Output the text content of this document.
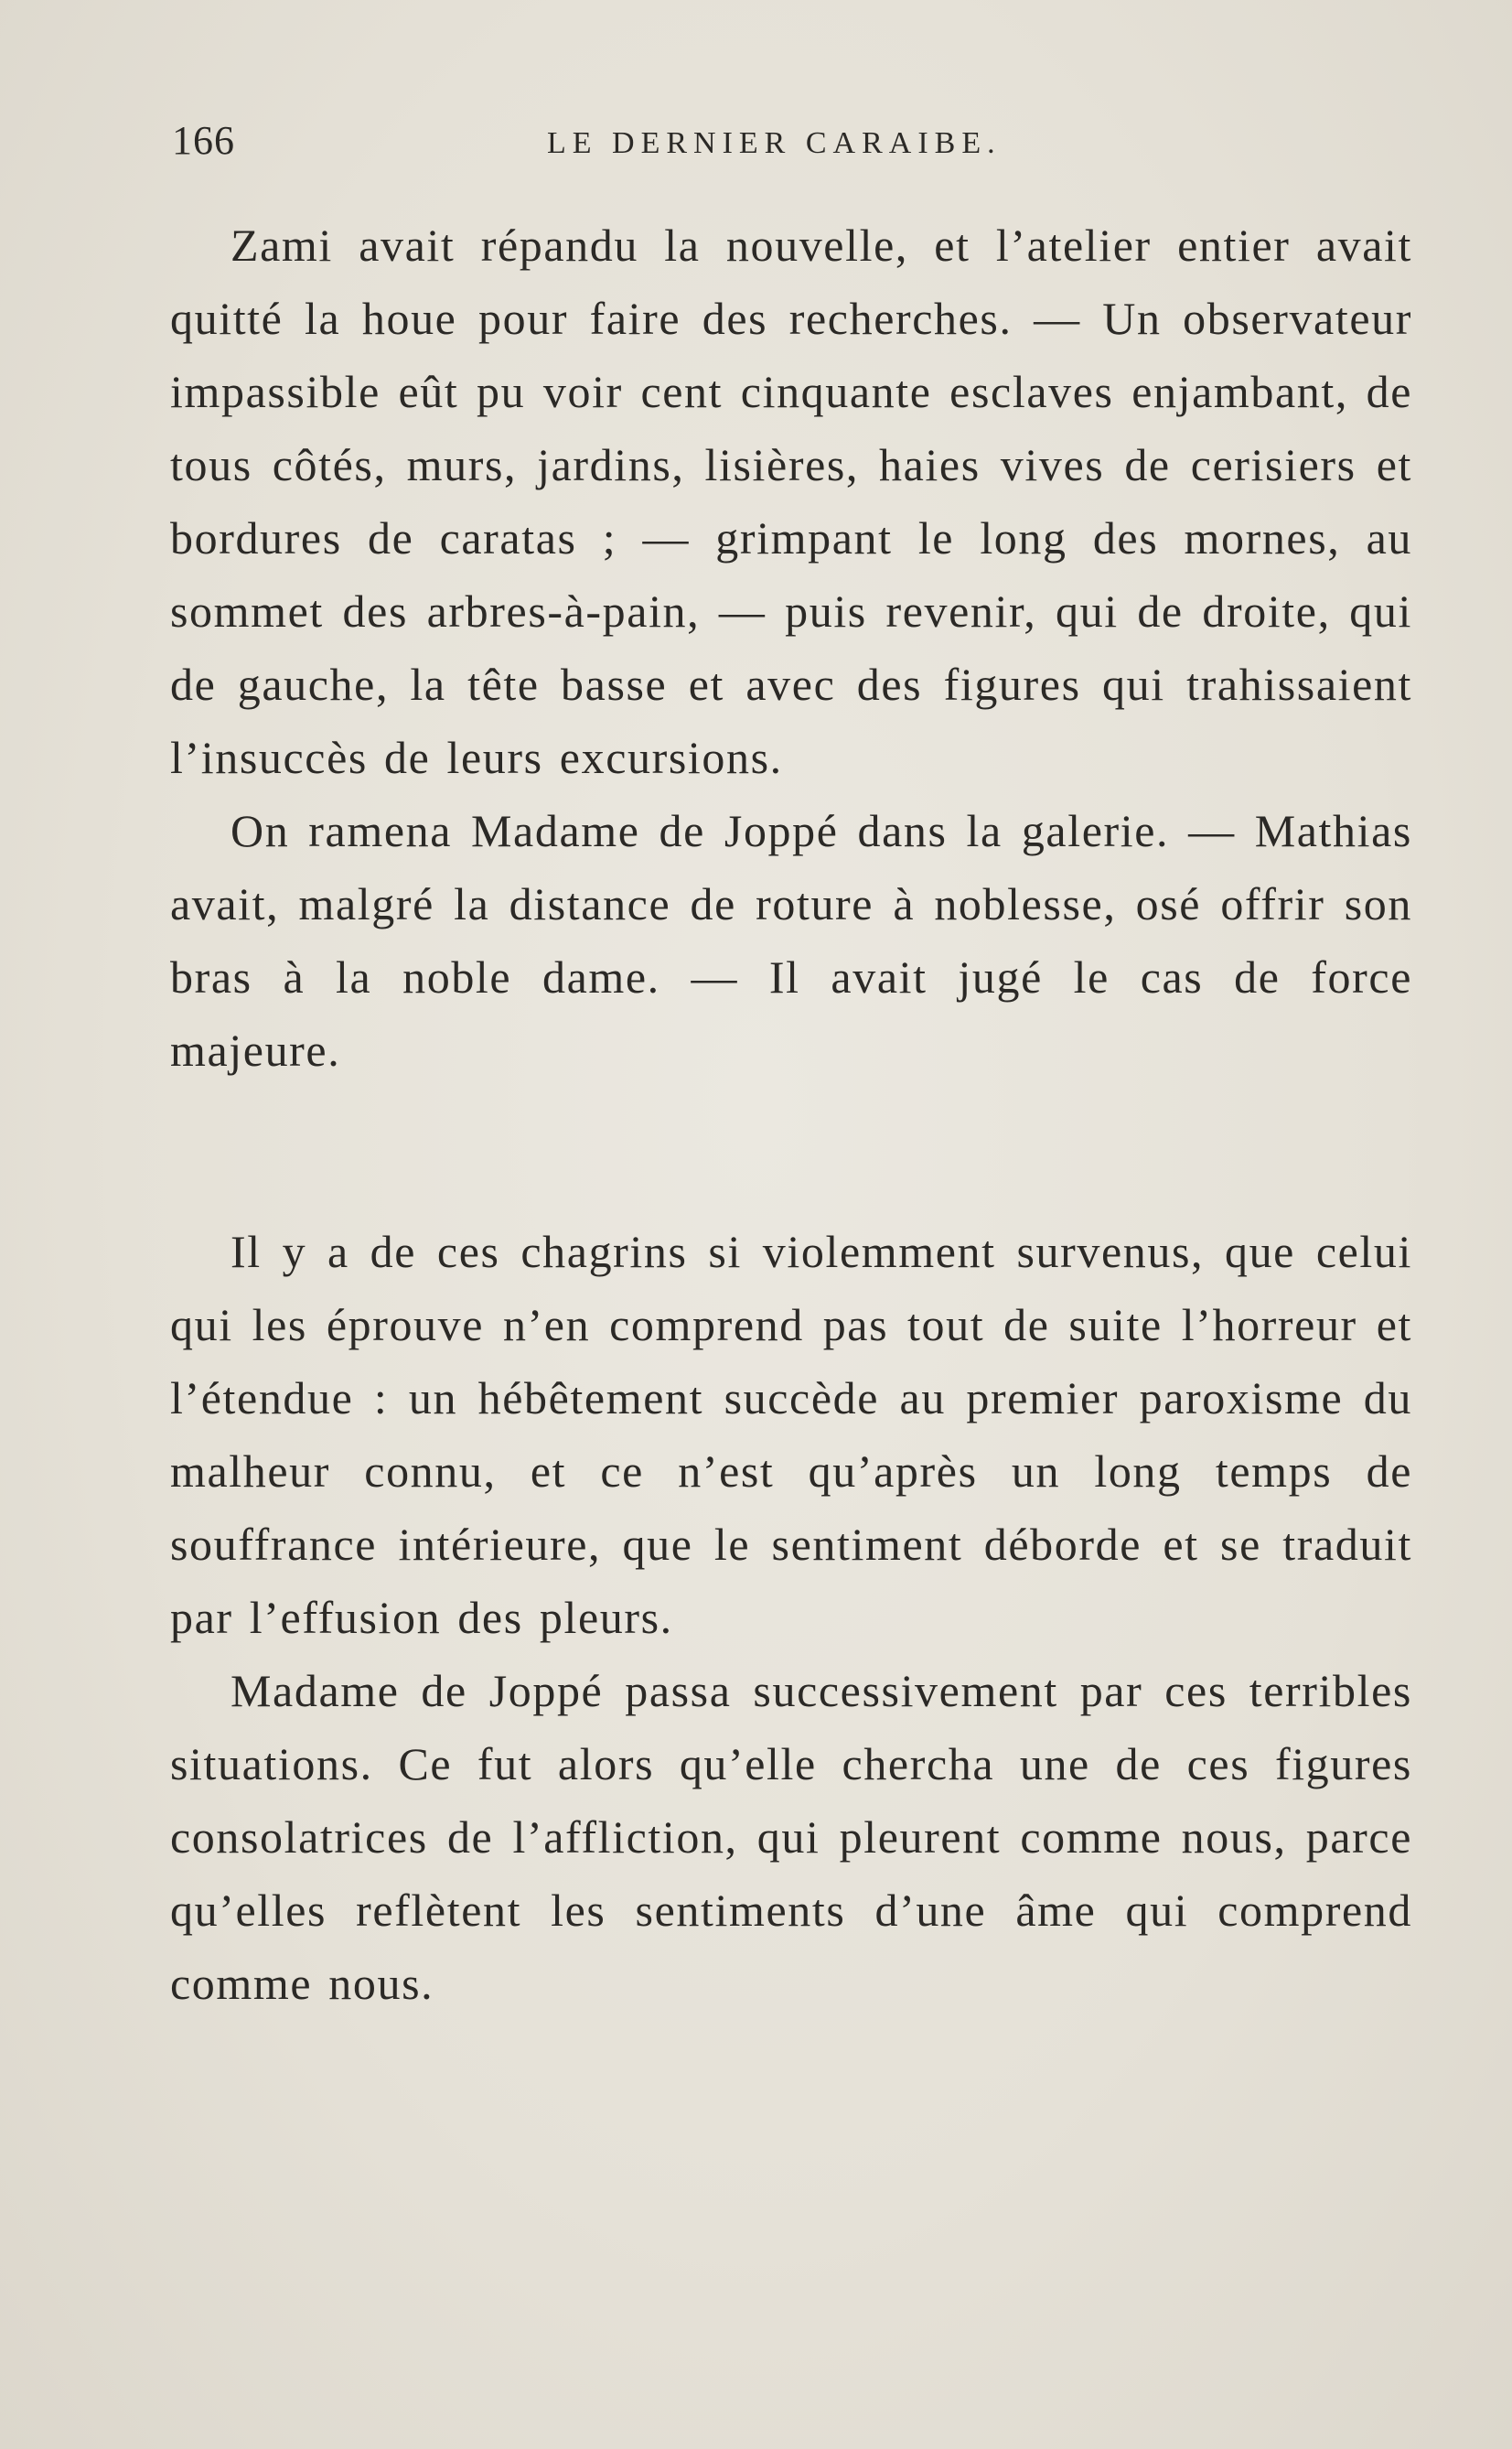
166	LE DERNIER CARAIBE.

Zami avait répandu la nouvelle, et l’atelier entier avait quitté la houe pour faire des recherches. — Un observateur impassible eût pu voir cent cinquante esclaves enjambant, de tous côtés, murs, jardins, lisières, haies vives de cerisiers et bordures de caratas ; — grimpant le long des mornes, au sommet des arbres-à-pain, — puis revenir, qui de droite, qui de gauche, la tête basse et avec des figures qui trahissaient l’insuccès de leurs excursions.

On ramena Madame de Joppé dans la galerie. — Mathias avait, malgré la distance de roture à noblesse, osé offrir son bras à la noble dame. — Il avait jugé le cas de force majeure.

Il y a de ces chagrins si violemment survenus, que celui qui les éprouve n’en comprend pas tout de suite l’horreur et l’étendue : un hébêtement succède au premier paroxisme du malheur connu, et ce n’est qu’après un long temps de souffrance intérieure, que le sentiment déborde et se traduit par l’effusion des pleurs.

Madame de Joppé passa successivement par ces terribles situations. Ce fut alors qu’elle chercha une de ces figures consolatrices de l’affliction, qui pleurent comme nous, parce qu’elles reflètent les sentiments d’une âme qui comprend comme nous.
